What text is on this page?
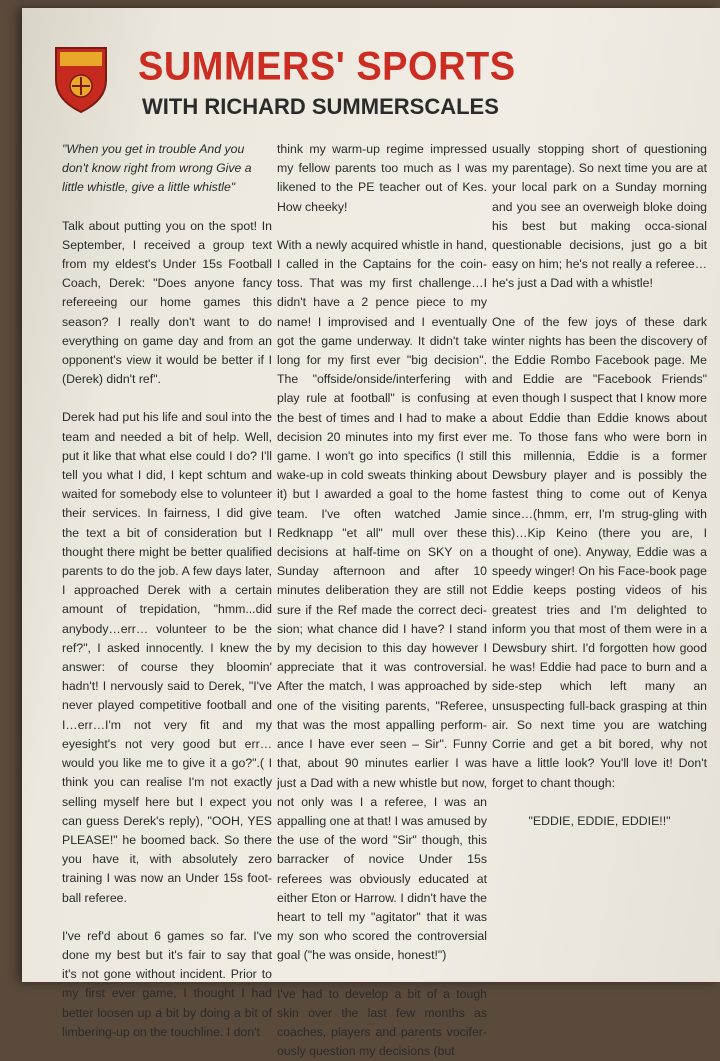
SUMMERS' SPORTS
WITH RICHARD SUMMERSCALES

"When you get in trouble And you don't know right from wrong Give a little whistle, give a little whistle"

Talk about putting you on the spot! In September, I received a group text from my eldest's Under 15s Football Coach, Derek: "Does anyone fancy refereeing our home games this season? I really don't want to do everything on game day and from an opponent's view it would be better if I (Derek) didn't ref".

Derek had put his life and soul into the team and needed a bit of help. Well, put it like that what else could I do? I'll tell you what I did, I kept schtum and waited for somebody else to volunteer their services. In fairness, I did give the text a bit of consideration but I thought there might be better qualified parents to do the job. A few days later, I approached Derek with a certain amount of trepidation, "hmm...did anybody…err… volunteer to be the ref?", I asked innocently. I knew the answer: of course they bloomin' hadn't! I nervously said to Derek, "I've never played competitive football and I…err…I'm not very fit and my eyesight's not very good but err… would you like me to give it a go?".( I think you can realise I'm not exactly selling myself here but I expect you can guess Derek's reply), "OOH, YES PLEASE!" he boomed back. So there you have it, with absolutely zero training I was now an Under 15s foot-ball referee.

I've ref'd about 6 games so far. I've done my best but it's fair to say that it's not gone without incident. Prior to my first ever game, I thought I had better loosen up a bit by doing a bit of limbering-up on the touchline. I don't

think my warm-up regime impressed my fellow parents too much as I was likened to the PE teacher out of Kes. How cheeky!

With a newly acquired whistle in hand, I called in the Captains for the coin-toss. That was my first challenge…I didn't have a 2 pence piece to my name! I improvised and I eventually got the game underway. It didn't take long for my first ever "big decision". The "offside/onside/interfering with play rule at football" is confusing at the best of times and I had to make a decision 20 minutes into my first ever game. I won't go into specifics (I still wake-up in cold sweats thinking about it) but I awarded a goal to the home team. I've often watched Jamie Redknapp "et all" mull over these decisions at half-time on SKY on a Sunday afternoon and after 10 minutes deliberation they are still not sure if the Ref made the correct deci-sion; what chance did I have? I stand by my decision to this day however I appreciate that it was controversial. After the match, I was approached by one of the visiting parents, "Referee, that was the most appalling perform-ance I have ever seen – Sir". Funny that, about 90 minutes earlier I was just a Dad with a new whistle but now, not only was I a referee, I was an appalling one at that! I was amused by the use of the word "Sir" though, this barracker of novice Under 15s referees was obviously educated at either Eton or Harrow. I didn't have the heart to tell my "agitator" that it was my son who scored the controversial goal ("he was onside, honest!")

I've had to develop a bit of a tough skin over the last few months as coaches, players and parents vocifer-ously question my decisions (but

usually stopping short of questioning my parentage). So next time you are at your local park on a Sunday morning and you see an overweigh bloke doing his best but making occa-sional questionable decisions, just go a bit easy on him; he's not really a referee…he's just a Dad with a whistle!

One of the few joys of these dark winter nights has been the discovery of the Eddie Rombo Facebook page. Me and Eddie are "Facebook Friends" even though I suspect that I know more about Eddie than Eddie knows about me. To those fans who were born in this millennia, Eddie is a former Dewsbury player and is possibly the fastest thing to come out of Kenya since…(hmm, err, I'm strug-gling with this)…Kip Keino (there you are, I thought of one). Anyway, Eddie was a speedy winger! On his Face-book page Eddie keeps posting videos of his greatest tries and I'm delighted to inform you that most of them were in a Dewsbury shirt. I'd forgotten how good he was! Eddie had pace to burn and a side-step which left many an unsuspecting full-back grasping at thin air. So next time you are watching Corrie and get a bit bored, why not have a little look? You'll love it! Don't forget to chant though:

"EDDIE, EDDIE, EDDIE!!"
